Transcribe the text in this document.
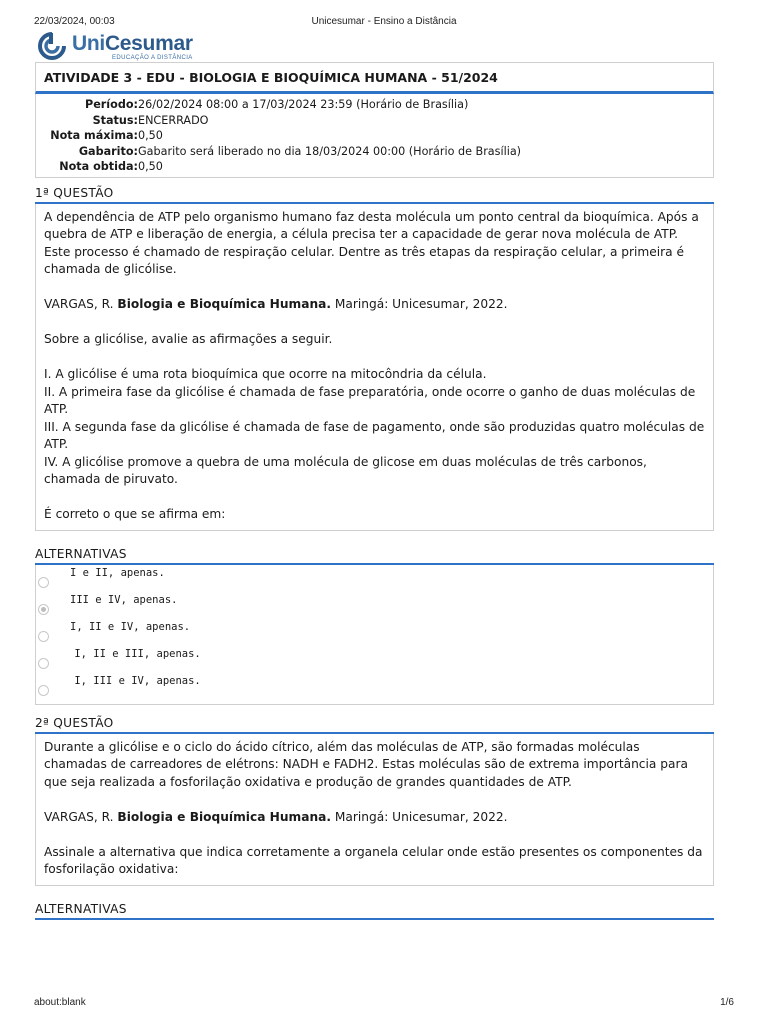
22/03/2024, 00:03	Unicesumar - Ensino a Distância
UniCesumar
EDUCAÇÃO A DISTÂNCIA
ATIVIDADE 3 - EDU - BIOLOGIA E BIOQUÍMICA HUMANA - 51/2024
Período: 26/02/2024 08:00 a 17/03/2024 23:59 (Horário de Brasília)
Status: ENCERRADO
Nota máxima: 0,50
Gabarito: Gabarito será liberado no dia 18/03/2024 00:00 (Horário de Brasília)
Nota obtida: 0,50
1ª QUESTÃO

A dependência de ATP pelo organismo humano faz desta molécula um ponto central da bioquímica. Após a quebra de ATP e liberação de energia, a célula precisa ter a capacidade de gerar nova molécula de ATP. Este processo é chamado de respiração celular. Dentre as três etapas da respiração celular, a primeira é chamada de glicólise.

VARGAS, R. Biologia e Bioquímica Humana. Maringá: Unicesumar, 2022.

Sobre a glicólise, avalie as afirmações a seguir.

I. A glicólise é uma rota bioquímica que ocorre na mitocôndria da célula.

II. A primeira fase da glicólise é chamada de fase preparatória, onde ocorre o ganho de duas moléculas de ATP.

III. A segunda fase da glicólise é chamada de fase de pagamento, onde são produzidas quatro moléculas de ATP.

IV. A glicólise promove a quebra de uma molécula de glicose em duas moléculas de três carbonos, chamada de piruvato.

É correto o que se afirma em:

ALTERNATIVAS
I e II, apenas.
III e IV, apenas.
I, II e IV, apenas.
I, II e III, apenas.
I, III e IV, apenas.
2ª QUESTÃO

Durante a glicólise e o ciclo do ácido cítrico, além das moléculas de ATP, são formadas moléculas chamadas de carreadores de elétrons: NADH e FADH2. Estas moléculas são de extrema importância para que seja realizada a fosforilação oxidativa e produção de grandes quantidades de ATP.

VARGAS, R. Biologia e Bioquímica Humana. Maringá: Unicesumar, 2022.

Assinale a alternativa que indica corretamente a organela celular onde estão presentes os componentes da fosforilação oxidativa:

ALTERNATIVAS
about:blank	1/6
